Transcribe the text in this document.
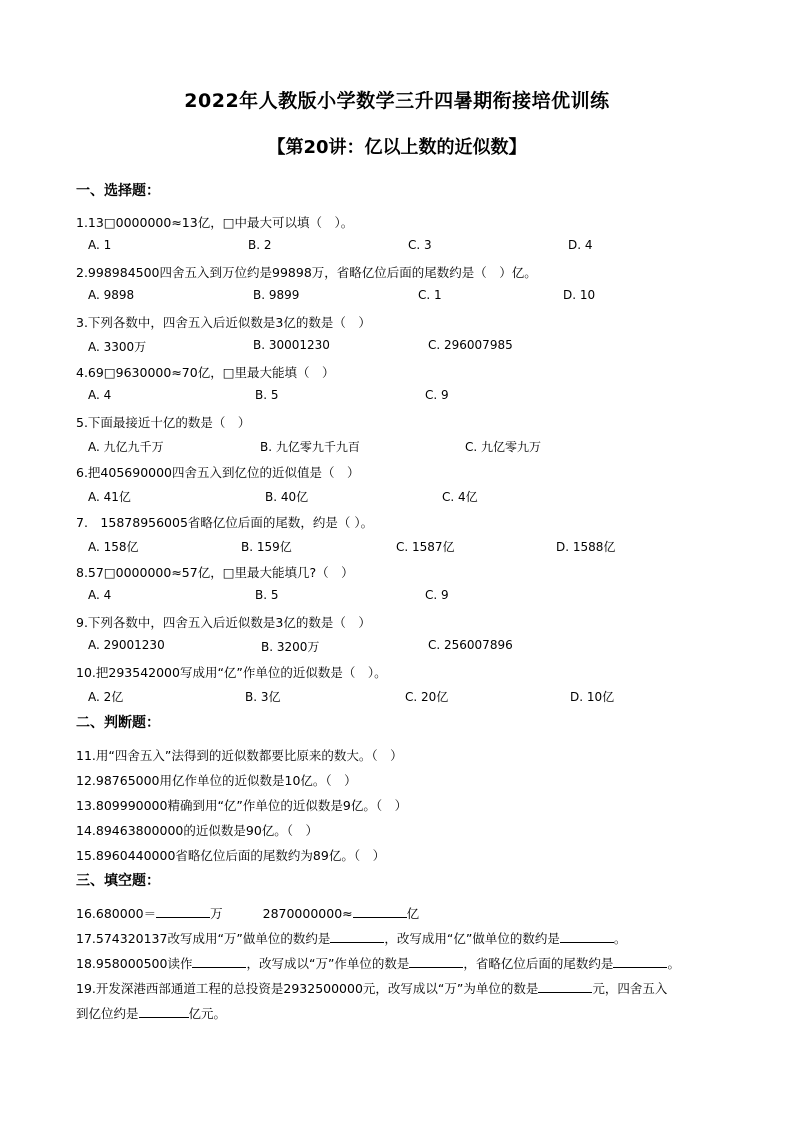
2022年人教版小学数学三升四暑期衔接培优训练
【第20讲：亿以上数的近似数】
一、选择题：
1.13□0000000≈13亿，□中最大可以填（　）。
A. 1	B. 2	C. 3	D. 4
2.998984500四舍五入到万位约是99898万，省略亿位后面的尾数约是（　）亿。
A. 9898	B. 9899	C. 1	D. 10
3.下列各数中，四舍五入后近似数是3亿的数是（　）
A. 3300万	B. 30001230	C. 296007985
4.69□9630000≈70亿，□里最大能填（　）
A. 4	B. 5	C. 9
5.下面最接近十亿的数是（　）
A. 九亿九千万	B. 九亿零九千九百	C. 九亿零九万
6.把405690000四舍五入到亿位的近似值是（　）
A. 41亿	B. 40亿	C. 4亿
7.　15878956005省略亿位后面的尾数，约是（ ）。
A. 158亿	B. 159亿	C. 1587亿	D. 1588亿
8.57□0000000≈57亿，□里最大能填几?（　）
A. 4	B. 5	C. 9
9.下列各数中，四舍五入后近似数是3亿的数是（　）
A. 29001230	B. 3200万	C. 256007896
10.把293542000写成用“亿”作单位的近似数是（　）。
A. 2亿	B. 3亿	C. 20亿	D. 10亿
二、判断题：
11.用“四舍五入”法得到的近似数都要比原来的数大。（　）
12.98765000用亿作单位的近似数是10亿。（　）
13.809990000精确到用“亿”作单位的近似数是9亿。（　）
14.89463800000的近似数是90亿。（　）
15.8960440000省略亿位后面的尾数约为89亿。（　）
三、填空题：
16.680000＝	万	2870000000≈	亿
17.574320137改写成用“万”做单位的数约是	，改写成用“亿”做单位的数约是	。
18.958000500读作	，改写成以“万”作单位的数是	，省略亿位后面的尾数约是	。
19.开发深港西部通道工程的总投资是2932500000元，改写成以“万”为单位的数是	元，四舍五入
到亿位约是	亿元。
